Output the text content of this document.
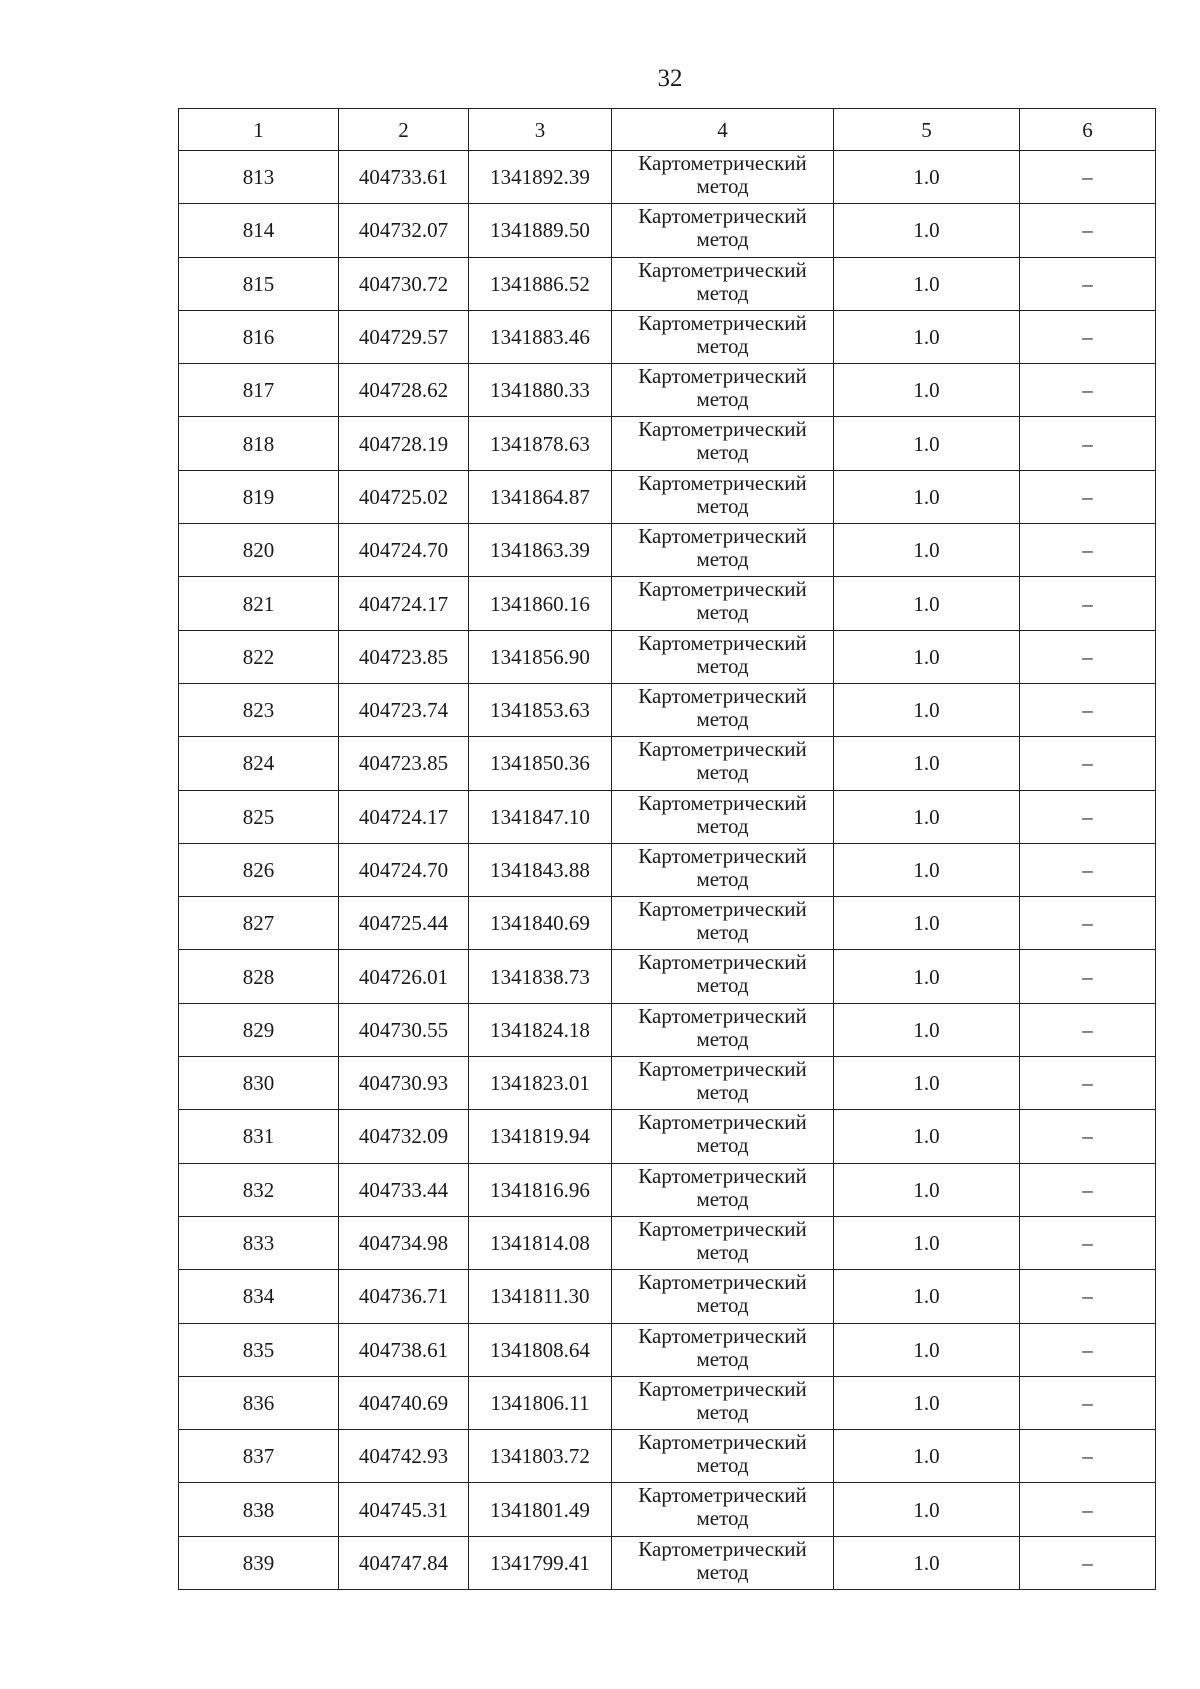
32
1	2	3	4	5	6
813	404733.61	1341892.39	Картометрический метод	1.0	–
814	404732.07	1341889.50	Картометрический метод	1.0	–
815	404730.72	1341886.52	Картометрический метод	1.0	–
816	404729.57	1341883.46	Картометрический метод	1.0	–
817	404728.62	1341880.33	Картометрический метод	1.0	–
818	404728.19	1341878.63	Картометрический метод	1.0	–
819	404725.02	1341864.87	Картометрический метод	1.0	–
820	404724.70	1341863.39	Картометрический метод	1.0	–
821	404724.17	1341860.16	Картометрический метод	1.0	–
822	404723.85	1341856.90	Картометрический метод	1.0	–
823	404723.74	1341853.63	Картометрический метод	1.0	–
824	404723.85	1341850.36	Картометрический метод	1.0	–
825	404724.17	1341847.10	Картометрический метод	1.0	–
826	404724.70	1341843.88	Картометрический метод	1.0	–
827	404725.44	1341840.69	Картометрический метод	1.0	–
828	404726.01	1341838.73	Картометрический метод	1.0	–
829	404730.55	1341824.18	Картометрический метод	1.0	–
830	404730.93	1341823.01	Картометрический метод	1.0	–
831	404732.09	1341819.94	Картометрический метод	1.0	–
832	404733.44	1341816.96	Картометрический метод	1.0	–
833	404734.98	1341814.08	Картометрический метод	1.0	–
834	404736.71	1341811.30	Картометрический метод	1.0	–
835	404738.61	1341808.64	Картометрический метод	1.0	–
836	404740.69	1341806.11	Картометрический метод	1.0	–
837	404742.93	1341803.72	Картометрический метод	1.0	–
838	404745.31	1341801.49	Картометрический метод	1.0	–
839	404747.84	1341799.41	Картометрический метод	1.0	–
